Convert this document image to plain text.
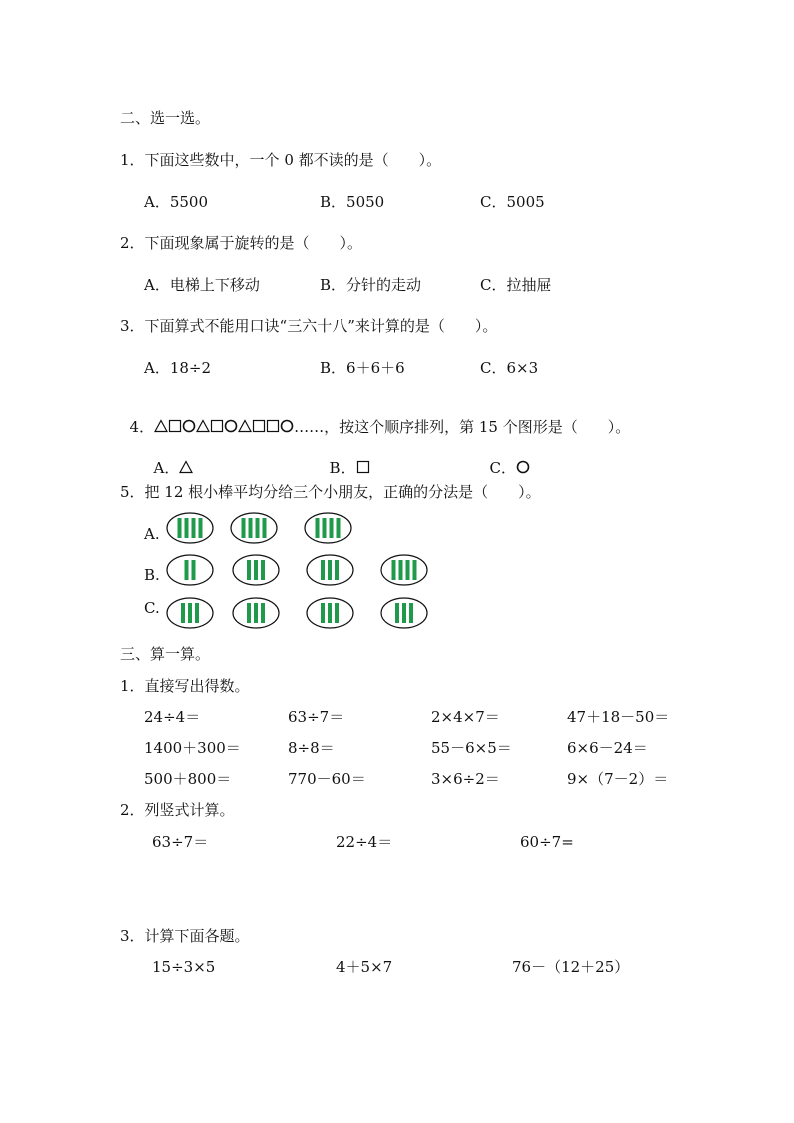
二、选一选。
1．下面这些数中，一个 0 都不读的是（　　）。
A．5500	B．5050	C．5005
2．下面现象属于旋转的是（　　）。
A．电梯上下移动	B．分针的走动	C．拉抽屉
3．下面算式不能用口诀“三六十八”来计算的是（　　）。
A．18÷2	B．6＋6＋6	C．6×3

4．	……，按这个顺序排列，第 15 个图形是（　　）。

A．	B．	C．

5．把 12 根小棒平均分给三个小朋友，正确的分法是（　　）。
A.
B.
C.
三、算一算。
1．直接写出得数。
24÷4＝	63÷7＝	2×4×7＝	47＋18－50＝
1400＋300＝	8÷8＝	55－6×5＝	6×6－24＝
500＋800＝	770－60＝	3×6÷2＝	9×（7－2）＝
2．列竖式计算。
63÷7＝	22÷4＝	60÷7=
3．计算下面各题。
15÷3×5	4＋5×7	76－（12＋25）
